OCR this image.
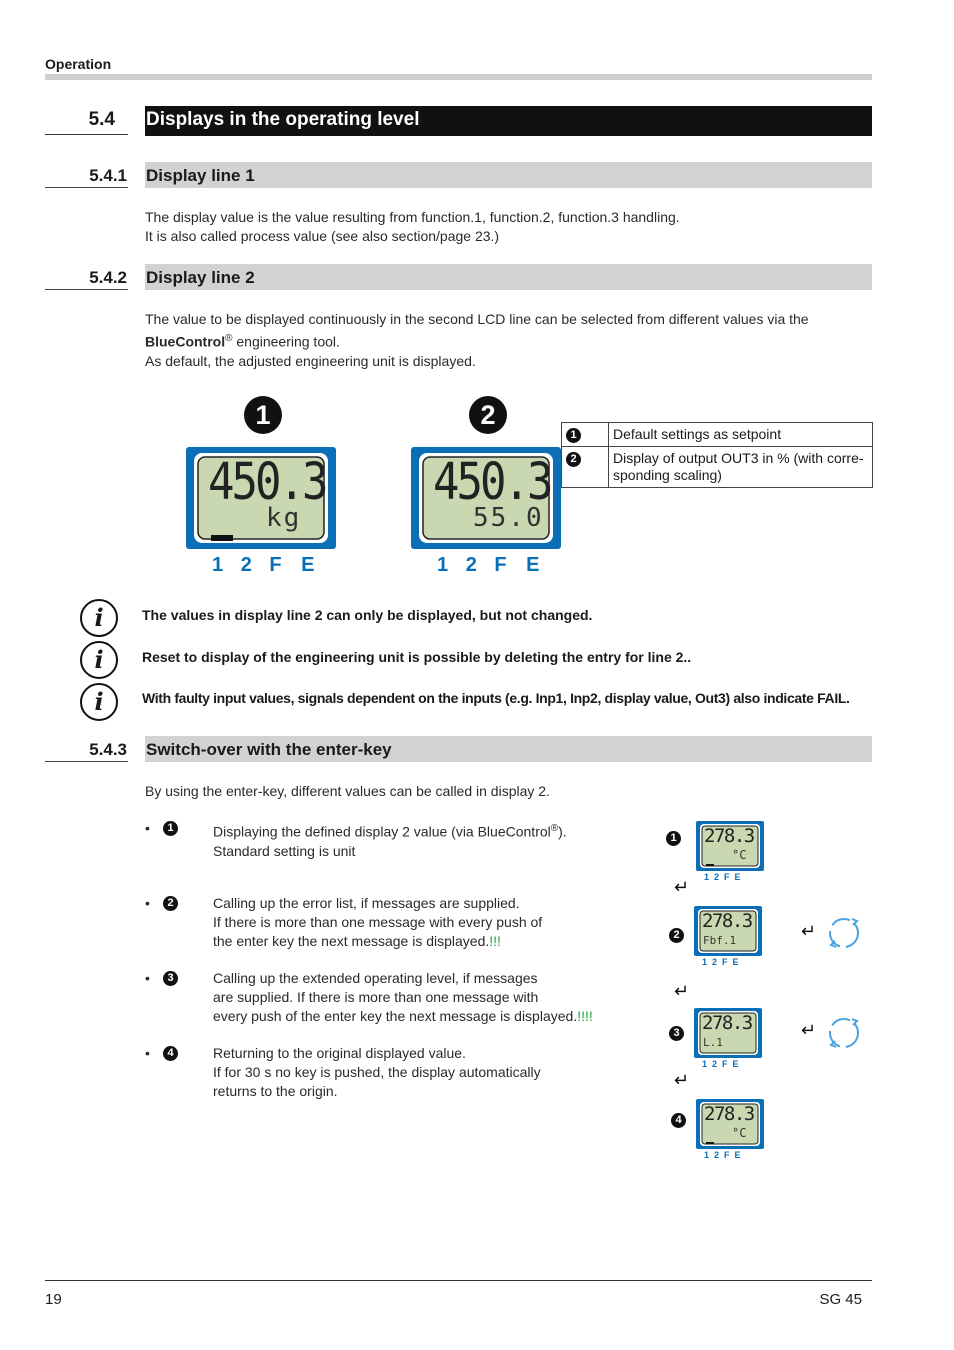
Operation
5.4 Displays in the operating level
5.4.1 Display line 1
The display value is the value resulting from function.1, function.2, function.3 handling.
It is also called process value (see also section/page 23.)
5.4.2 Display line 2
The value to be displayed continuously in the second LCD line can be selected from different values via the
BlueControl® engineering tool.
As default, the adjusted engineering unit is displayed.
1	2
450.3
kg
1 2 F E
450.3
55.0
1 2 F E
1	Default settings as setpoint
2	Display of output OUT3 in % (with corre-sponding scaling)
i	The values in display line 2 can only be displayed, but not changed.
i	Reset to display of the engineering unit is possible by deleting the entry for line 2..
i	With faulty input values, signals dependent on the inputs (e.g. Inp1, Inp2, display value, Out3) also indicate FAIL.
5.4.3 Switch-over with the enter-key
By using the enter-key, different values can be called in display 2.
•	1	Displaying the defined display 2 value (via BlueControl®).
Standard setting is unit
•	2	Calling up the error list, if messages are supplied.
If there is more than one message with every push of
the enter key the next message is displayed.!!!
•	3	Calling up the extended operating level, if messages
are supplied. If there is more than one message with
every push of the enter key the next message is displayed.!!!!
•	4	Returning to the original displayed value.
If for 30 s no key is pushed, the display automatically
returns to the origin.
1 278.3
°C
1  2  F  E
↵
2
278.3
Fbf.1
1  2  F  E
↵
↵
3 278.3
L.1
1  2  F  E
↵
↵
4 278.3
°C
1  2  F  E
19	SG 45
